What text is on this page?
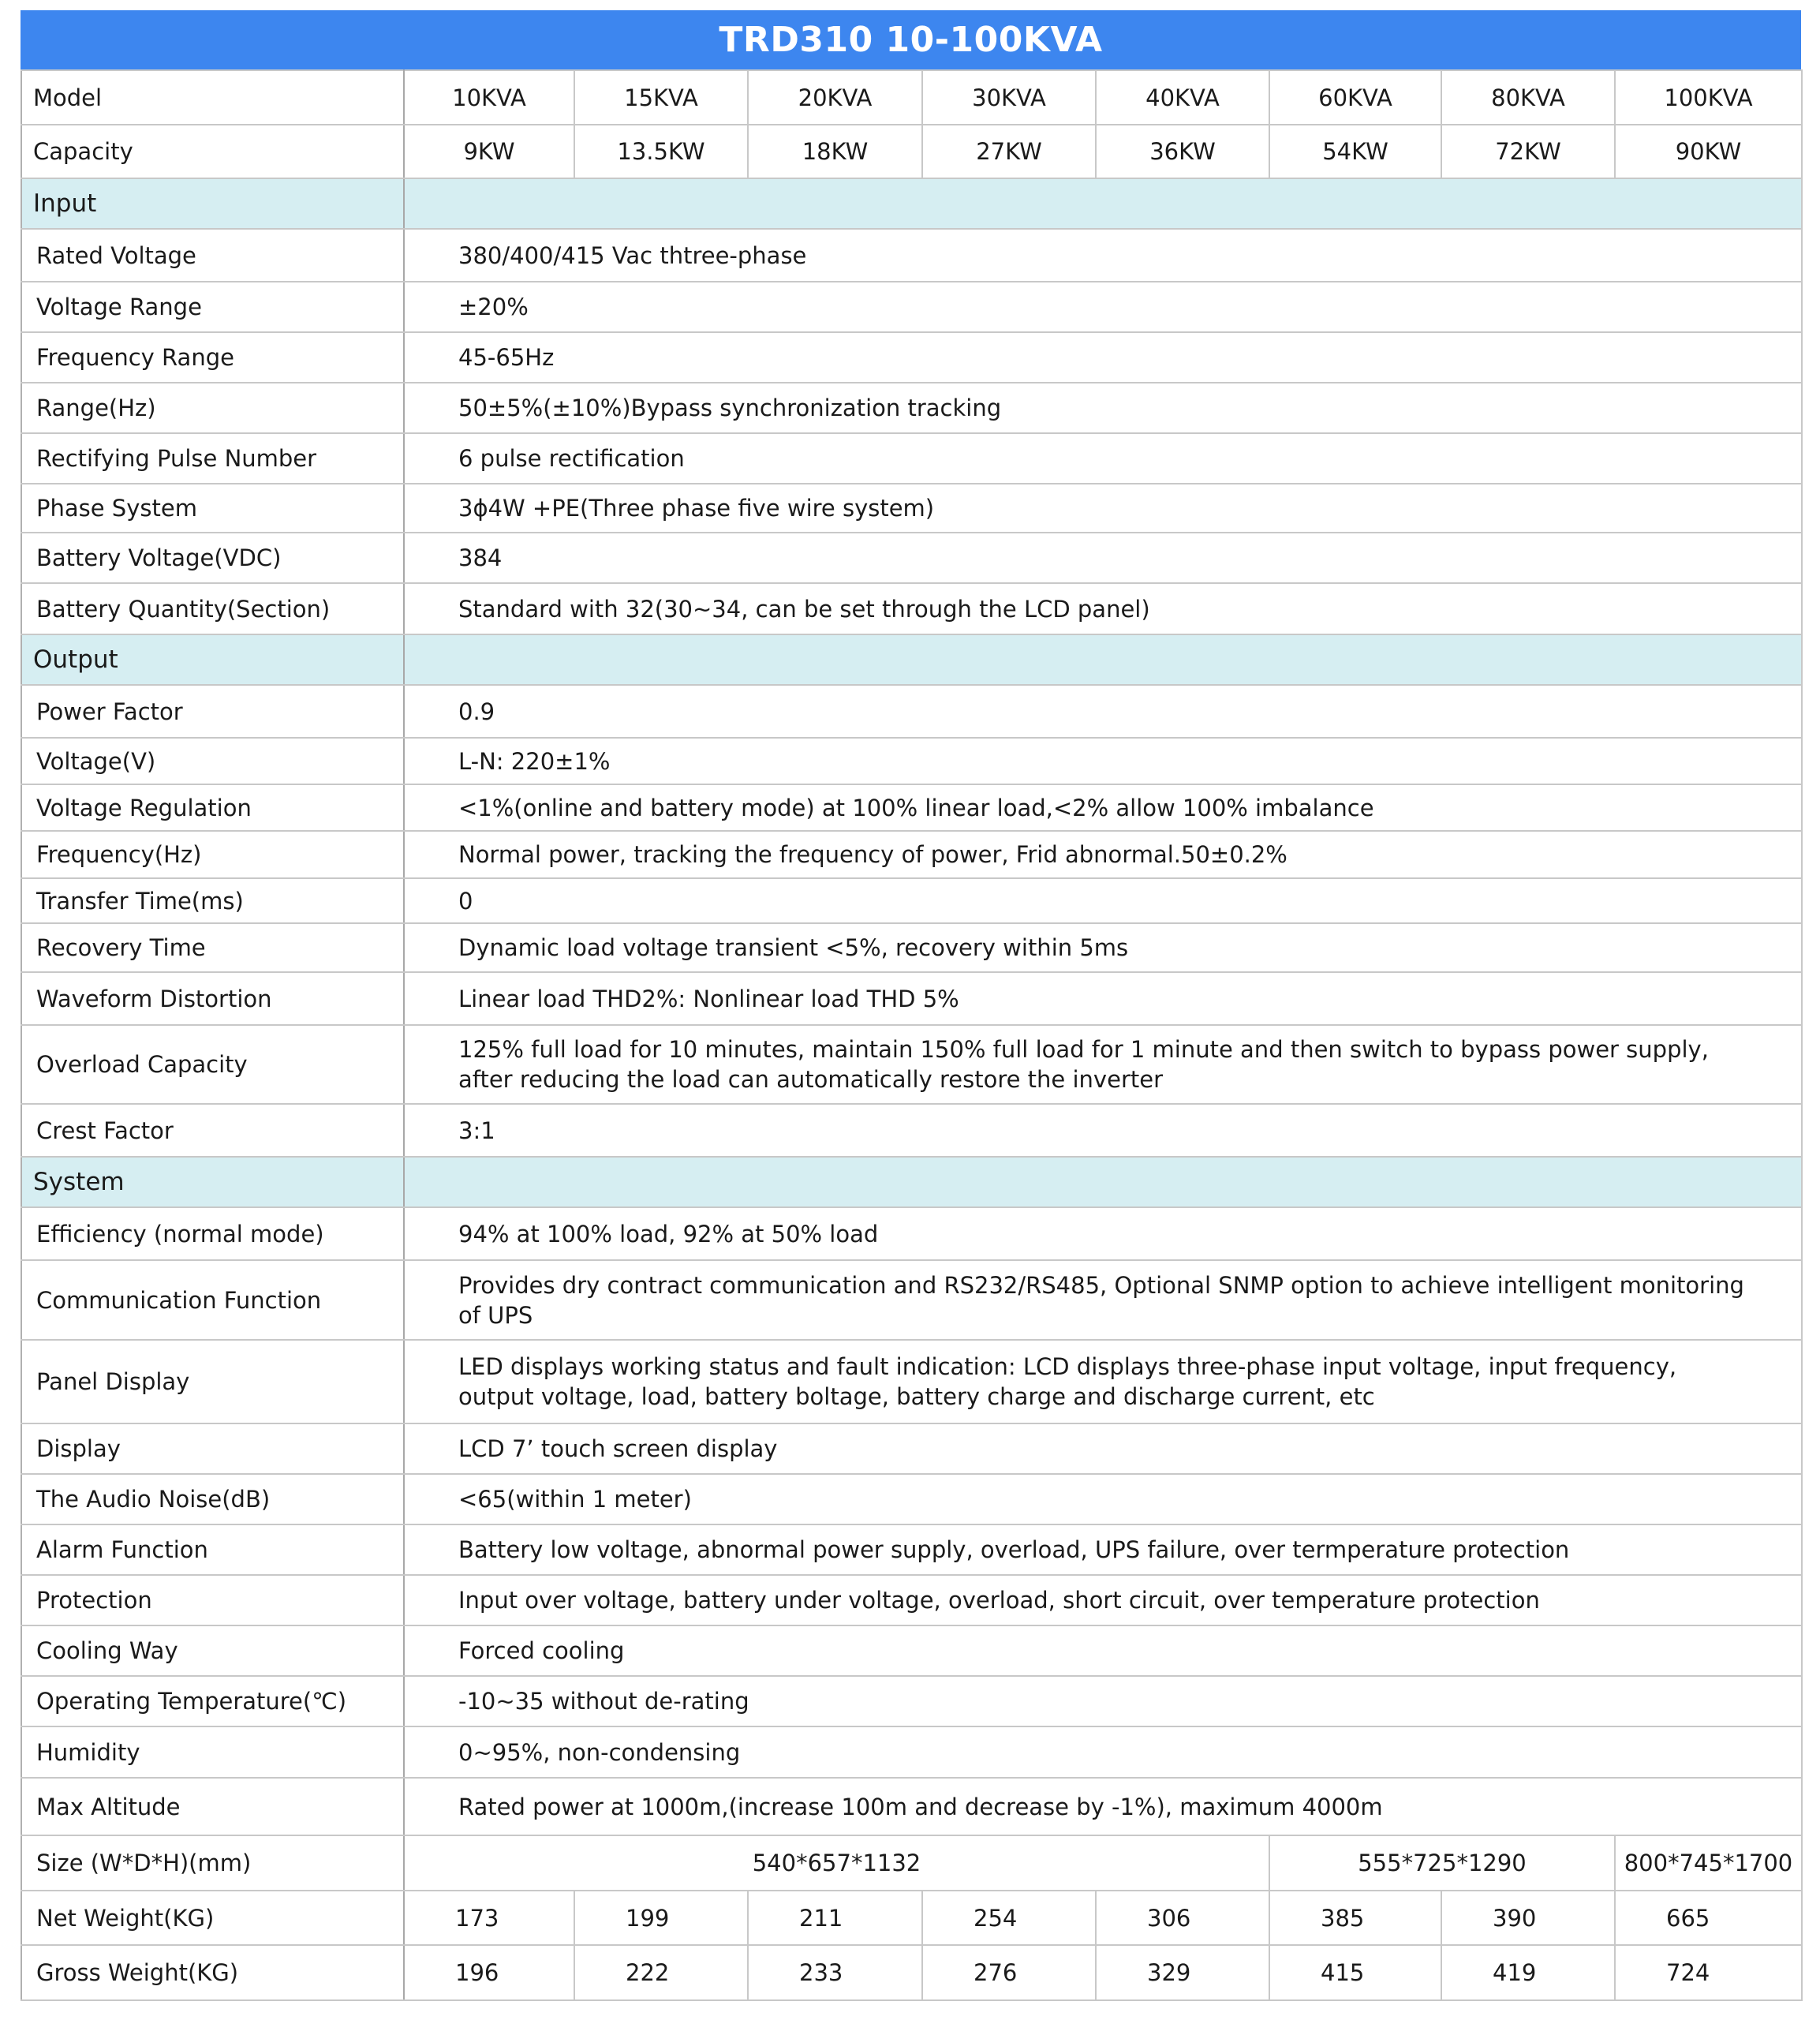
TRD310 10-100KVA
Model	10KVA	15KVA	20KVA	30KVA	40KVA	60KVA	80KVA	100KVA
Capacity	9KW	13.5KW	18KW	27KW	36KW	54KW	72KW	90KW
Input								
Rated Voltage	380/400/415 Vac thtree-phase							
Voltage Range	±20%							
Frequency Range	45-65Hz							
Range(Hz)	50±5%(±10%)Bypass synchronization tracking							
Rectifying Pulse Number	6 pulse rectification							
Phase System	3ϕ4W +PE(Three phase five wire system)							
Battery Voltage(VDC)	384							
Battery Quantity(Section)	Standard with 32(30~34, can be set through the LCD panel)							
Output								
Power Factor	0.9							
Voltage(V)	L-N: 220±1%							
Voltage Regulation	<1%(online and battery mode) at 100% linear load,<2% allow 100% imbalance							
Frequency(Hz)	Normal power, tracking the frequency of power, Frid abnormal.50±0.2%							
Transfer Time(ms)	0							
Recovery Time	Dynamic load voltage transient <5%, recovery within 5ms							
Waveform Distortion	Linear load THD2%: Nonlinear load THD 5%							
Overload Capacity	125% full load for 10 minutes, maintain 150% full load for 1 minute and then switch to bypass power supply,
after reducing the load can automatically restore the inverter							

Crest Factor	3:1							
System								
Efficiency (normal mode)	94% at 100% load, 92% at 50% load							
Communication Function	Provides dry contract communication and RS232/RS485, Optional SNMP option to achieve intelligent monitoring
of UPS							

Panel Display	LED displays working status and fault indication: LCD displays three-phase input voltage, input frequency,
output voltage, load, battery boltage, battery charge and discharge current, etc							

Display	LCD 7’ touch screen display							
The Audio Noise(dB)	<65(within 1 meter)							
Alarm Function	Battery low voltage, abnormal power supply, overload, UPS failure, over termperature protection							
Protection	Input over voltage, battery under voltage, overload, short circuit, over temperature protection							
Cooling Way	Forced cooling							
Operating Temperature(℃)	-10~35 without de-rating							
Humidity	0~95%, non-condensing							
Max Altitude	Rated power at 1000m,(increase 100m and decrease by -1%), maximum 4000m							
Size (W*D*H)(mm)	540*657*1132					555*725*1290		800*745*1700
Net Weight(KG)	173	199	211	254	306	385	390	665
Gross Weight(KG)	196	222	233	276	329	415	419	724
